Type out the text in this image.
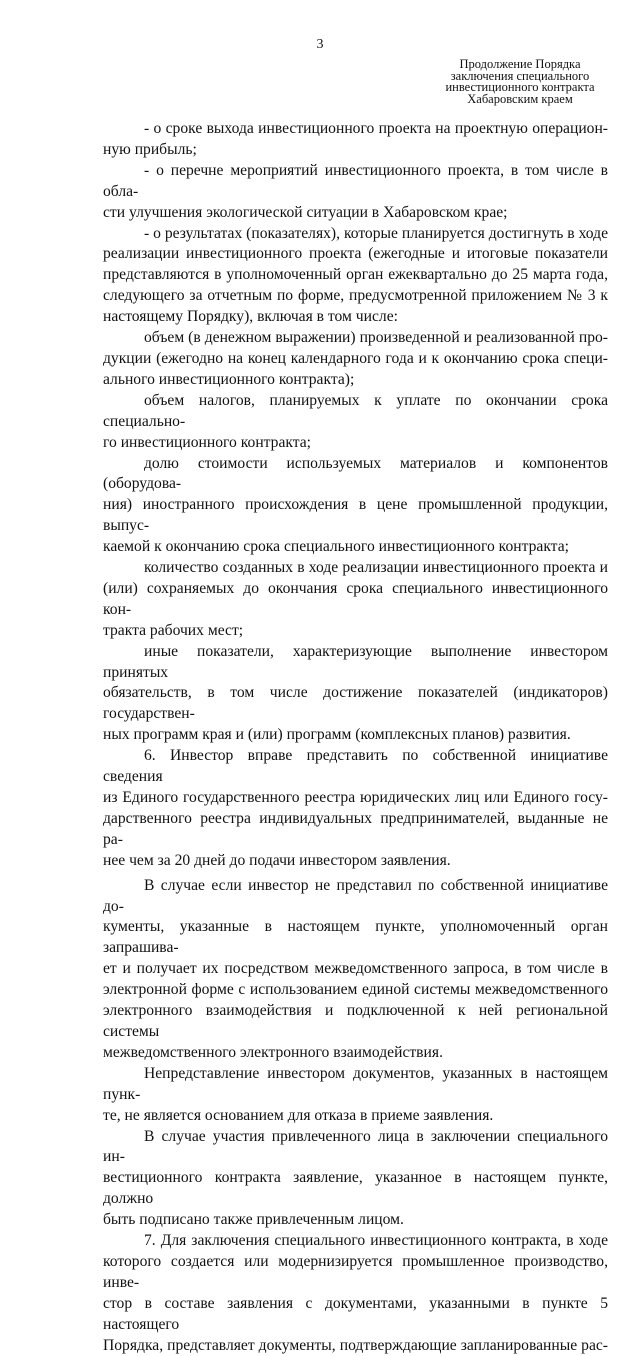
3
Продолжение Порядка
заключения специального
инвестиционного контракта
Хабаровским краем

- о сроке выхода инвестиционного проекта на проектную операцион-

ную прибыль;

- о перечне мероприятий инвестиционного проекта, в том числе в обла-

сти улучшения экологической ситуации в Хабаровском крае;

- о результатах (показателях), которые планируется достигнуть в ходе

реализации инвестиционного проекта (ежегодные и итоговые показатели

представляются в уполномоченный орган ежеквартально до 25 марта года,

следующего за отчетным по форме, предусмотренной приложением № 3 к

настоящему Порядку), включая в том числе:

объем (в денежном выражении) произведенной и реализованной про-

дукции (ежегодно на конец календарного года и к окончанию срока специ-

ального инвестиционного контракта);

объем налогов, планируемых к уплате по окончании срока специально-

го инвестиционного контракта;

долю стоимости используемых материалов и компонентов (оборудова-

ния) иностранного происхождения в цене промышленной продукции, выпус-

каемой к окончанию срока специального инвестиционного контракта;

количество созданных в ходе реализации инвестиционного проекта и

(или) сохраняемых до окончания срока специального инвестиционного кон-

тракта рабочих мест;

иные показатели, характеризующие выполнение инвестором принятых

обязательств, в том числе достижение показателей (индикаторов) государствен-

ных программ края и (или) программ (комплексных планов) развития.

6. Инвестор вправе представить по собственной инициативе сведения

из Единого государственного реестра юридических лиц или Единого госу-

дарственного реестра индивидуальных предпринимателей, выданные не ра-

нее чем за 20 дней до подачи инвестором заявления.

В случае если инвестор не представил по собственной инициативе до-

кументы, указанные в настоящем пункте, уполномоченный орган запрашива-

ет и получает их посредством межведомственного запроса, в том числе в

электронной форме с использованием единой системы межведомственного

электронного взаимодействия и подключенной к ней региональной системы

межведомственного электронного взаимодействия.

Непредставление инвестором документов, указанных в настоящем пунк-

те, не является основанием для отказа в приеме заявления.

В случае участия привлеченного лица в заключении специального ин-

вестиционного контракта заявление, указанное в настоящем пункте, должно

быть подписано также привлеченным лицом.

7. Для заключения специального инвестиционного контракта, в ходе

которого создается или модернизируется промышленное производство, инве-

стор в составе заявления с документами, указанными в пункте 5 настоящего

Порядка, представляет документы, подтверждающие запланированные рас-
